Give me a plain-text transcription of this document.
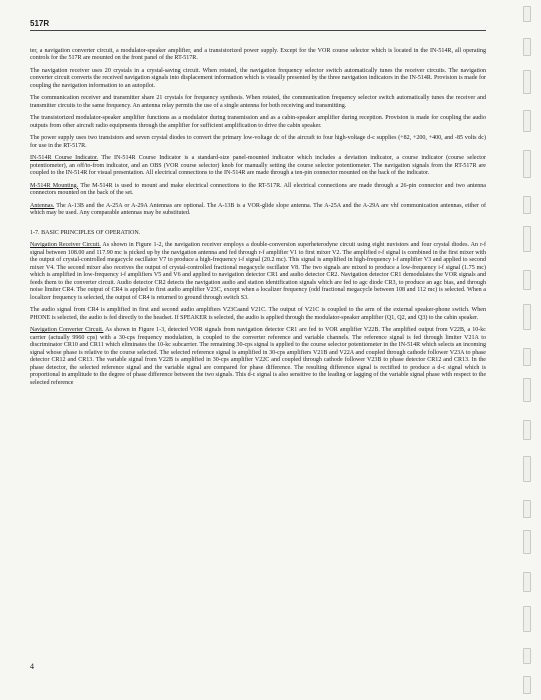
517R

ter, a navigation converter circuit, a modulator-speaker amplifier, and a transistorized power supply. Except for the VOR course selector which is located in the IN-514R, all operating controls for the 517R are mounted on the front panel of the RT-517R.

The navigation receiver uses 20 crystals in a crystal-saving circuit. When rotated, the navigation frequency selector switch automatically tunes the receiver circuits. The navigation converter circuit converts the received navigation signals into displacement information which is visually presented by the three navigation indicators in the IN-514R. Provision is made for coupling the navigation information to an autopilot.

The communication receiver and transmitter share 21 crystals for frequency synthesis. When rotated, the communication frequency selector switch automatically tunes the receiver and transmitter circuits to the same frequency. An antenna relay permits the use of a single antenna for both receiving and transmitting.

The transistorized modulator-speaker amplifier functions as a modulator during transmission and as a cabin-speaker amplifier during reception. Provision is made for coupling the audio outputs from other aircraft radio equipments through the amplifier for sufficient amplification to drive the cabin speaker.

The power supply uses two transistors and seven crystal diodes to convert the primary low-voltage dc of the aircraft to four high-voltage d-c supplies (+82, +200, +400, and -85 volts dc) for use in the RT-517R.

IN-514R Course Indicator. The IN-514R Course Indicator is a standard-size panel-mounted indicator which includes a deviation indicator, a course indicator (course selector potentiometer), an off/to-from indicator, and an OBS (VOR course selector) knob for manually setting the course selector potentiometer. The navigation signals from the RT-517R are coupled to the IN-514R for visual presentation. All electrical connections to the IN-514R are made through a ten-pin connector mounted on the back of the indicator.

M-514R Mounting. The M-514R is used to mount and make electrical connections to the RT-517R. All electrical connections are made through a 26-pin connector and two antenna connectors mounted on the back of the set.

Antennas. The A-13B and the A-25A or A-29A Antennas are optional. The A-13B is a VOR-glide slope antenna. The A-25A and the A-29A are vhf communication antennas, either of which may be used. Any comparable antennas may be substituted.

1-7. BASIC PRINCIPLES OF OPERATION.

Navigation Receiver Circuit. As shown in Figure 1-2, the navigation receiver employs a double-conversion superheterodyne circuit using eight nuvistors and four crystal diodes. An r-f signal between 108.00 and 117.90 mc is picked up by the navigation antenna and fed through r-f amplifier V1 to first mixer V2. The amplified r-f signal is combined in the first mixer with the output of crystal-controlled megacycle oscillator V7 to produce a high-frequency i-f signal (20.2 mc). This signal is amplified in high-frequency i-f amplifier V3 and applied to second mixer V4. The second mixer also receives the output of crystal-controlled fractional megacycle oscillator V8. The two signals are mixed to produce a low-frequency i-f signal (1.75 mc) which is amplified in low-frequency i-f amplifiers V5 and V6 and applied to navigation detector CR1 and audio detector CR2. Navigation detector CR1 demodulates the VOR signals and feeds them to the converter circuit. Audio detector CR2 detects the navigation audio and station identification signals which are fed to agc diode CR3, to produce an agc bias, and through noise limiter CR4. The output of CR4 is applied to first audio amplifier V23C, except when a localizer frequency (odd fractional megacycle between 108 and 112 mc) is selected. When a localizer frequency is selected, the output of CR4 is returned to ground through switch S3.

The audio signal from CR4 is amplified in first and second audio amplifiers V23Caand V21C. The output of V21C is coupled to the arm of the external speaker-phone switch. When PHONE is selected, the audio is fed directly to the headset. If SPEAKER is selected, the audio is applied through the modulator-speaker amplifier (Q1, Q2, and Q3) to the cabin speaker.

Navigation Converter Circuit. As shown in Figure 1-3, detected VOR signals from navigation detector CR1 are fed to VOR amplifier V22B. The amplified output from V22B, a 10-kc carrier (actually 9960 cps) with a 30-cps frequency modulation, is coupled to the converter reference and variable channels. The reference signal is fed through limiter V21A to discriminator CR10 and CR11 which eliminates the 10-kc subcarrier. The remaining 30-cps signal is applied to the course selector potentiometer in the IN-514R which selects an incoming signal whose phase is relative to the course selected. The selected reference signal is amplified in 30-cps amplifiers V21B and V22A and coupled through cathode follower V23A to phase detector CR12 and CR13. The variable signal from V22B is amplified in 30-cps amplifier V22C and coupled through cathode follower V23B to phase detector CR12 and CR13. In the phase detector, the selected reference signal and the variable signal are compared for phase difference. The resulting difference signal is rectified to produce a d-c signal which is proportional in amplitude to the degree of phase difference between the two signals. This d-c signal is also sensitive to the leading or lagging of the variable signal phase with respect to the selected reference

4
